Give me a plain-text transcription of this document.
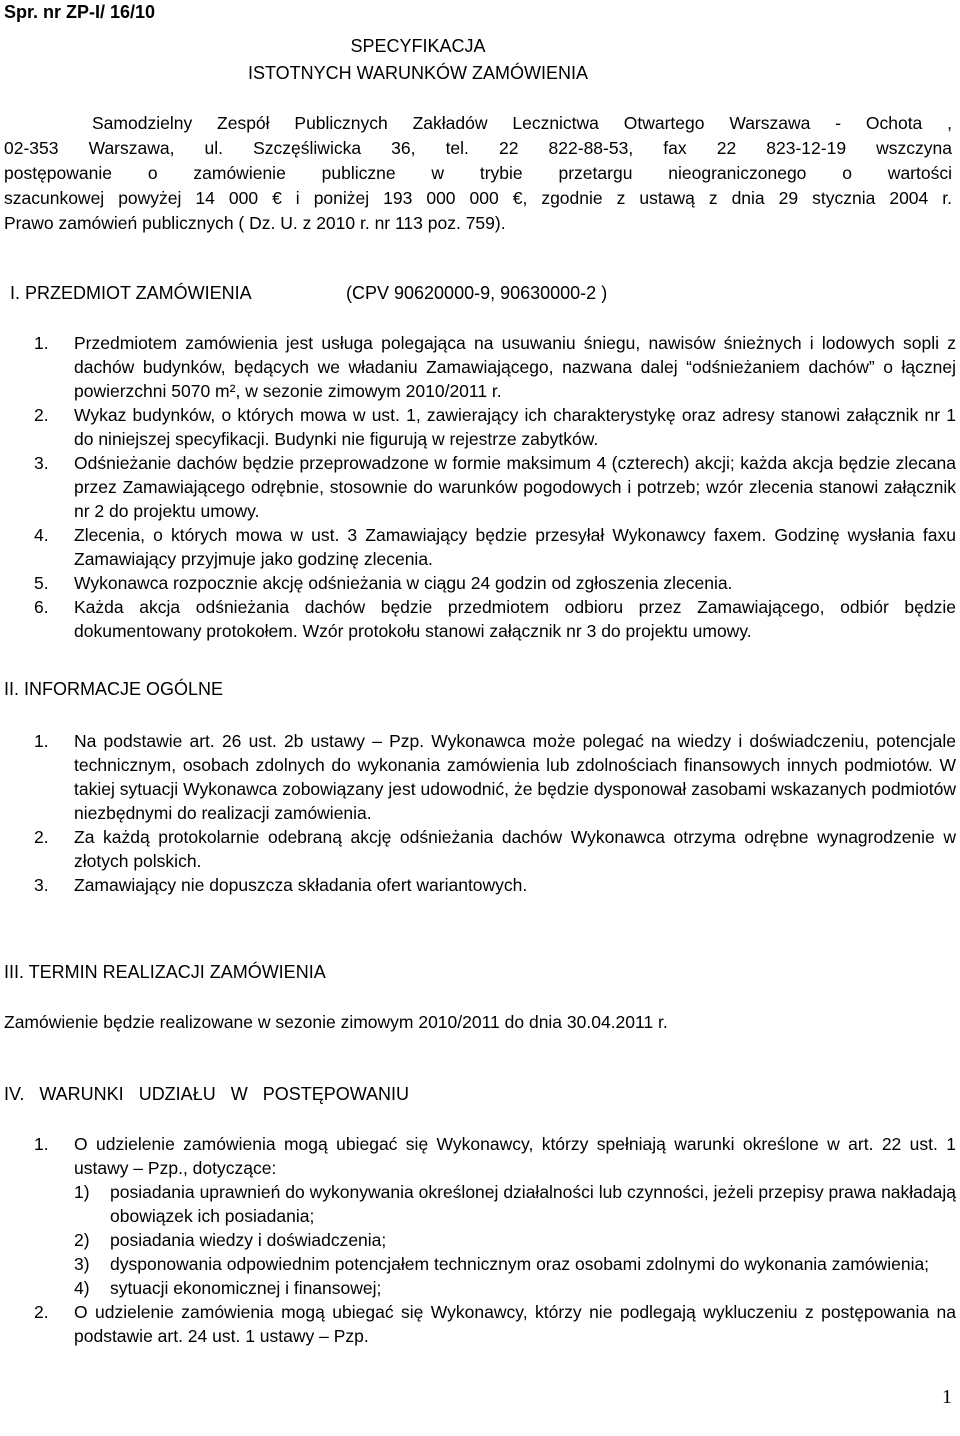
Spr. nr ZP-I/ 16/10
SPECYFIKACJA
ISTOTNYCH WARUNKÓW ZAMÓWIENIA

Samodzielny Zespół Publicznych Zakładów Lecznictwa Otwartego Warszawa - Ochota ,

02-353 Warszawa, ul. Szczęśliwicka 36, tel. 22 822-88-53, fax 22 823-12-19 wszczyna

postępowanie o zamówienie publiczne w trybie przetargu nieograniczonego o wartości

szacunkowej powyżej 14 000 € i poniżej 193 000 000 €, zgodnie z ustawą z dnia 29 stycznia 2004 r.

Prawo zamówień publicznych ( Dz. U. z 2010 r. nr 113 poz. 759).

I. PRZEDMIOT ZAMÓWIENIA	(CPV 90620000-9, 90630000-2 )
1. Przedmiotem zamówienia jest usługa polegająca na usuwaniu śniegu, nawisów śnieżnych i lodowych sopli z dachów budynków, będących we władaniu Zamawiającego, nazwana dalej “odśnieżaniem dachów” o łącznej powierzchni 5070 m², w sezonie zimowym 2010/2011 r.
2. Wykaz budynków, o których mowa w ust. 1, zawierający ich charakterystykę oraz adresy stanowi załącznik nr 1 do niniejszej specyfikacji. Budynki nie figurują w rejestrze zabytków.
3. Odśnieżanie dachów będzie przeprowadzone w formie maksimum 4 (czterech) akcji; każda akcja będzie zlecana przez Zamawiającego odrębnie, stosownie do warunków pogodowych i potrzeb; wzór zlecenia stanowi załącznik nr 2 do projektu umowy.
4. Zlecenia, o których mowa w ust. 3 Zamawiający będzie przesyłał Wykonawcy faxem. Godzinę wysłania faxu Zamawiający przyjmuje jako godzinę zlecenia.
5. Wykonawca rozpocznie akcję odśnieżania w ciągu 24 godzin od zgłoszenia zlecenia.
6. Każda akcja odśnieżania dachów będzie przedmiotem odbioru przez Zamawiającego, odbiór będzie dokumentowany protokołem. Wzór protokołu stanowi załącznik nr 3 do projektu umowy.
II. INFORMACJE OGÓLNE
1. Na podstawie art. 26 ust. 2b ustawy – Pzp. Wykonawca może polegać na wiedzy i doświadczeniu, potencjale technicznym, osobach zdolnych do wykonania zamówienia lub zdolnościach finansowych innych podmiotów. W takiej sytuacji Wykonawca zobowiązany jest udowodnić, że będzie dysponował zasobami wskazanych podmiotów niezbędnymi do realizacji zamówienia.
2. Za każdą protokolarnie odebraną akcję odśnieżania dachów Wykonawca otrzyma odrębne wynagrodzenie w złotych polskich.
3. Zamawiający nie dopuszcza składania ofert wariantowych.
III. TERMIN REALIZACJI ZAMÓWIENIA
Zamówienie będzie realizowane w sezonie zimowym 2010/2011 do dnia 30.04.2011 r.
IV. WARUNKI UDZIAŁU W POSTĘPOWANIU
1. O udzielenie zamówienia mogą ubiegać się Wykonawcy, którzy spełniają warunki określone w art. 22 ust. 1 ustawy – Pzp., dotyczące:
1) posiadania uprawnień do wykonywania określonej działalności lub czynności, jeżeli przepisy prawa nakładają obowiązek ich posiadania;
2) posiadania wiedzy i doświadczenia;
3) dysponowania odpowiednim potencjałem technicznym oraz osobami zdolnymi do wykonania zamówienia;
4) sytuacji ekonomicznej i finansowej;
2. O udzielenie zamówienia mogą ubiegać się Wykonawcy, którzy nie podlegają wykluczeniu z postępowania na podstawie art. 24 ust. 1 ustawy – Pzp.
1
